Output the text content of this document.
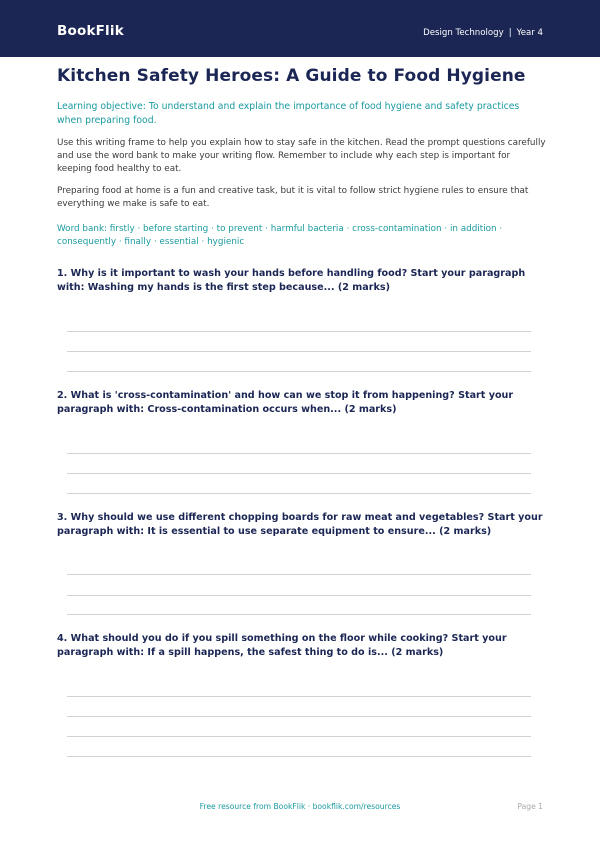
BookFlik	Design Technology | Year 4
Kitchen Safety Heroes: A Guide to Food Hygiene
Learning objective: To understand and explain the importance of food hygiene and safety practices when preparing food.
Use this writing frame to help you explain how to stay safe in the kitchen. Read the prompt questions carefully and use the word bank to make your writing flow. Remember to include why each step is important for keeping food healthy to eat.
Preparing food at home is a fun and creative task, but it is vital to follow strict hygiene rules to ensure that everything we make is safe to eat.
Word bank: firstly · before starting · to prevent · harmful bacteria · cross-contamination · in addition · consequently · finally · essential · hygienic
1. Why is it important to wash your hands before handling food? Start your paragraph with: Washing my hands is the first step because... (2 marks)
2. What is 'cross-contamination' and how can we stop it from happening? Start your paragraph with: Cross-contamination occurs when... (2 marks)
3. Why should we use different chopping boards for raw meat and vegetables? Start your paragraph with: It is essential to use separate equipment to ensure... (2 marks)
4. What should you do if you spill something on the floor while cooking? Start your paragraph with: If a spill happens, the safest thing to do is... (2 marks)
Free resource from BookFlik · bookflik.com/resources	Page 1
